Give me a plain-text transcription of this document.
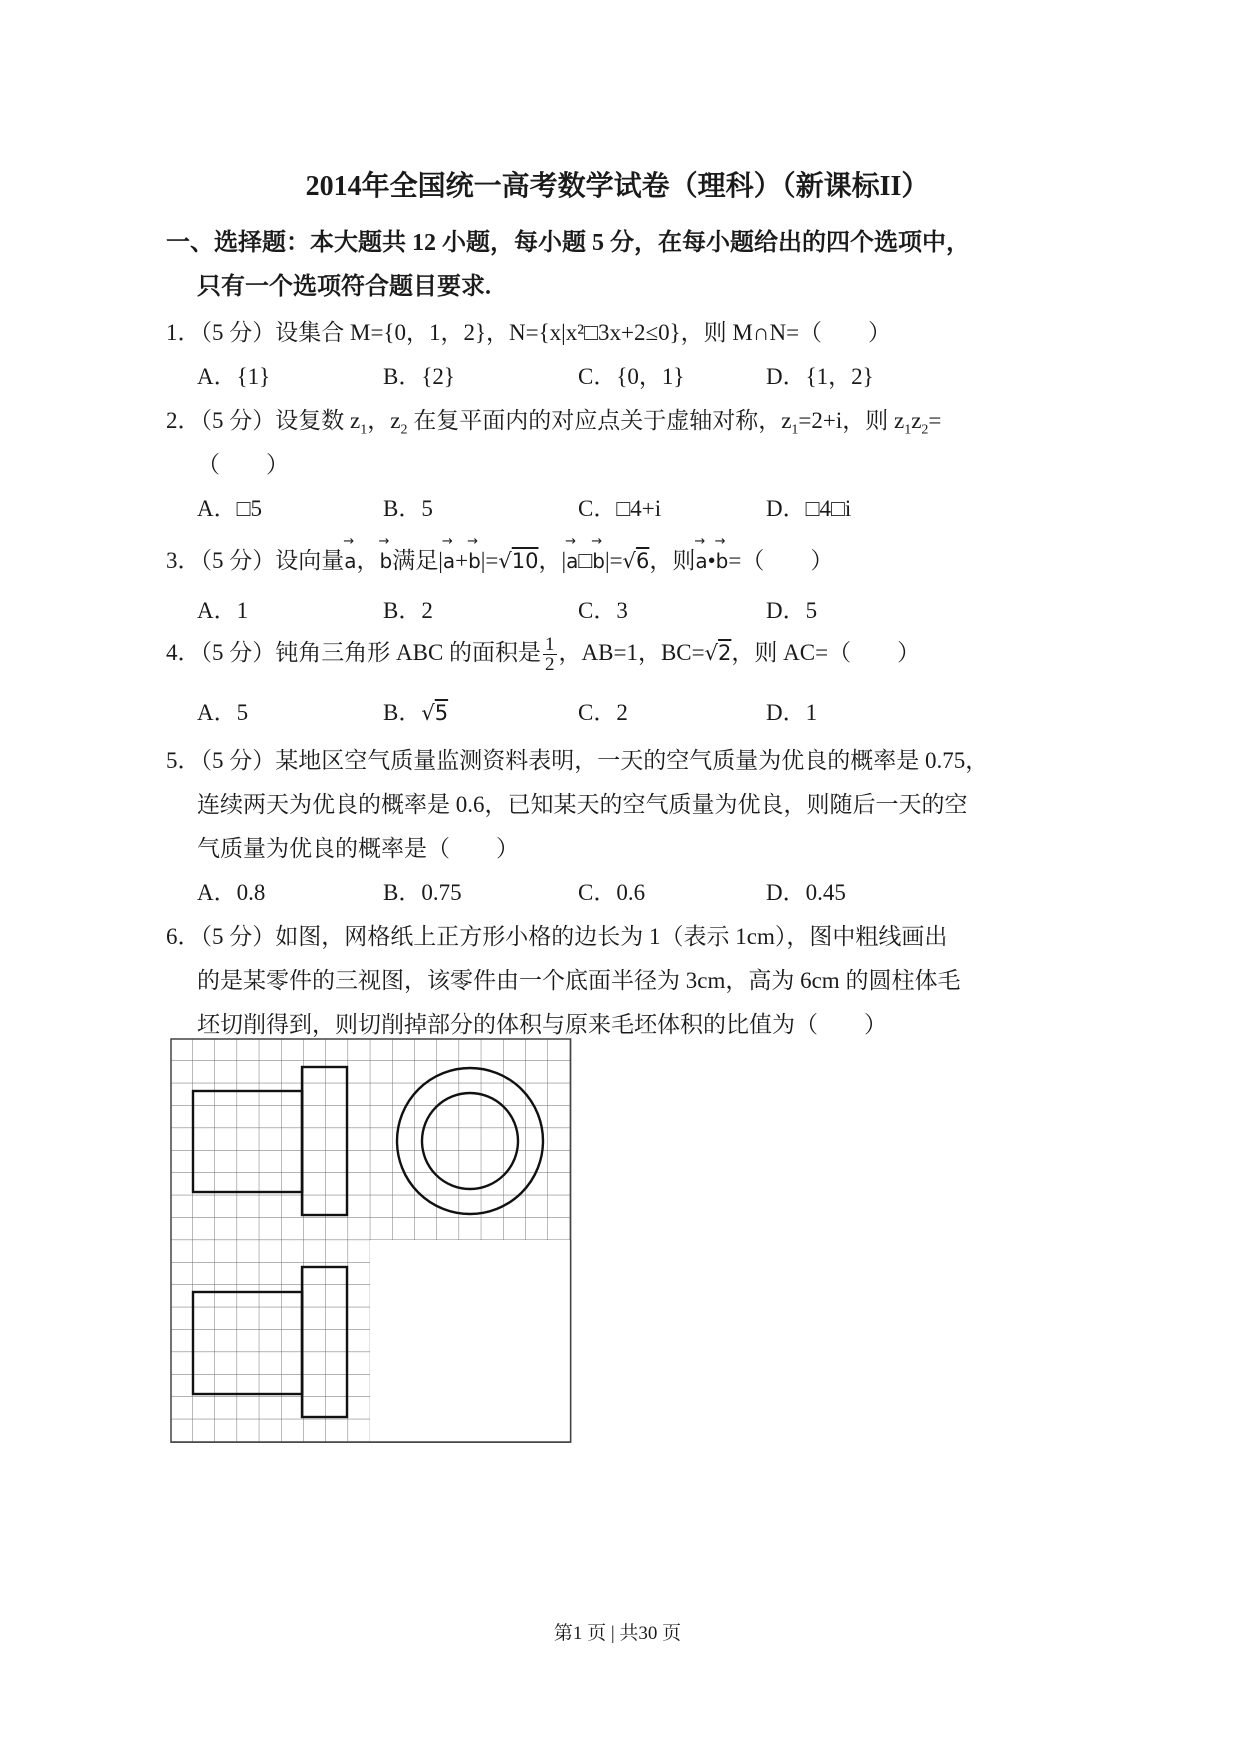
2014年全国统一高考数学试卷（理科）（新课标II）
一、选择题：本大题共 12 小题，每小题 5 分，在每小题给出的四个选项中，
只有一个选项符合题目要求.
1．（5 分）设集合 M={0，1，2}，N={x|x²□3x+2≤0}，则 M∩N=（　　）
A．{1}	B．{2}	C．{0，1}	D．{1，2}
2．（5 分）设复数 $z_1$，$z_2$ 在复平面内的对应点关于虚轴对称，$z_1=2+i$，则 $z_1z_2=$
（　　）
A．□5	B．5	C．□4+i	D．□4□i
3．（5 分）设向量→ a，→ b满足|→ a+→ b|=√10，|→ a□→ b|=√6，则→ a•→ b=（　　）
A．1	B．2	C．3	D．5
4．（5 分）钝角三角形 ABC 的面积是 $\frac{1}{2}$ ，AB=1，BC=√2，则 AC=（　　）
A．5	B．√5	C．2	D．1
5．（5 分）某地区空气质量监测资料表明，一天的空气质量为优良的概率是 0.75，
连续两天为优良的概率是 0.6，已知某天的空气质量为优良，则随后一天的空
气质量为优良的概率是（　　）
A．0.8	B．0.75	C．0.6	D．0.45
6．（5 分）如图，网格纸上正方形小格的边长为 1（表示 1cm），图中粗线画出
的是某零件的三视图，该零件由一个底面半径为 3cm，高为 6cm 的圆柱体毛
坯切削得到，则切削掉部分的体积与原来毛坯体积的比值为（　　）
第1 页 | 共30 页
